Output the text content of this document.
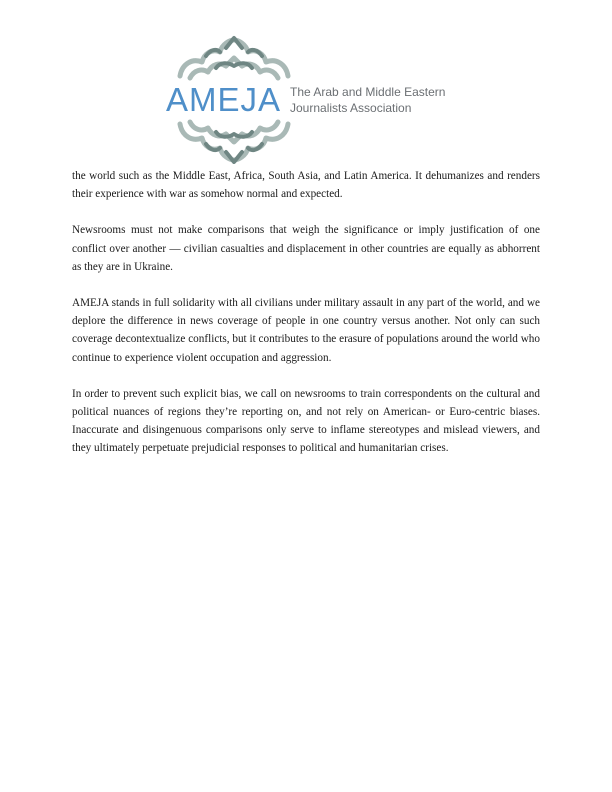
AMEJA The Arab and Middle Eastern
Journalists Association

the world such as the Middle East, Africa, South Asia, and Latin America. It dehumanizes and renders their experience with war as somehow normal and expected.

Newsrooms must not make comparisons that weigh the significance or imply justification of one conflict over another — civilian casualties and displacement in other countries are equally as abhorrent as they are in Ukraine.

AMEJA stands in full solidarity with all civilians under military assault in any part of the world, and we deplore the difference in news coverage of people in one country versus another. Not only can such coverage decontextualize conflicts, but it contributes to the erasure of populations around the world who continue to experience violent occupation and aggression.

In order to prevent such explicit bias, we call on newsrooms to train correspondents on the cultural and political nuances of regions they’re reporting on, and not rely on American- or Euro-centric biases. Inaccurate and disingenuous comparisons only serve to inflame stereotypes and mislead viewers, and they ultimately perpetuate prejudicial responses to political and humanitarian crises.
